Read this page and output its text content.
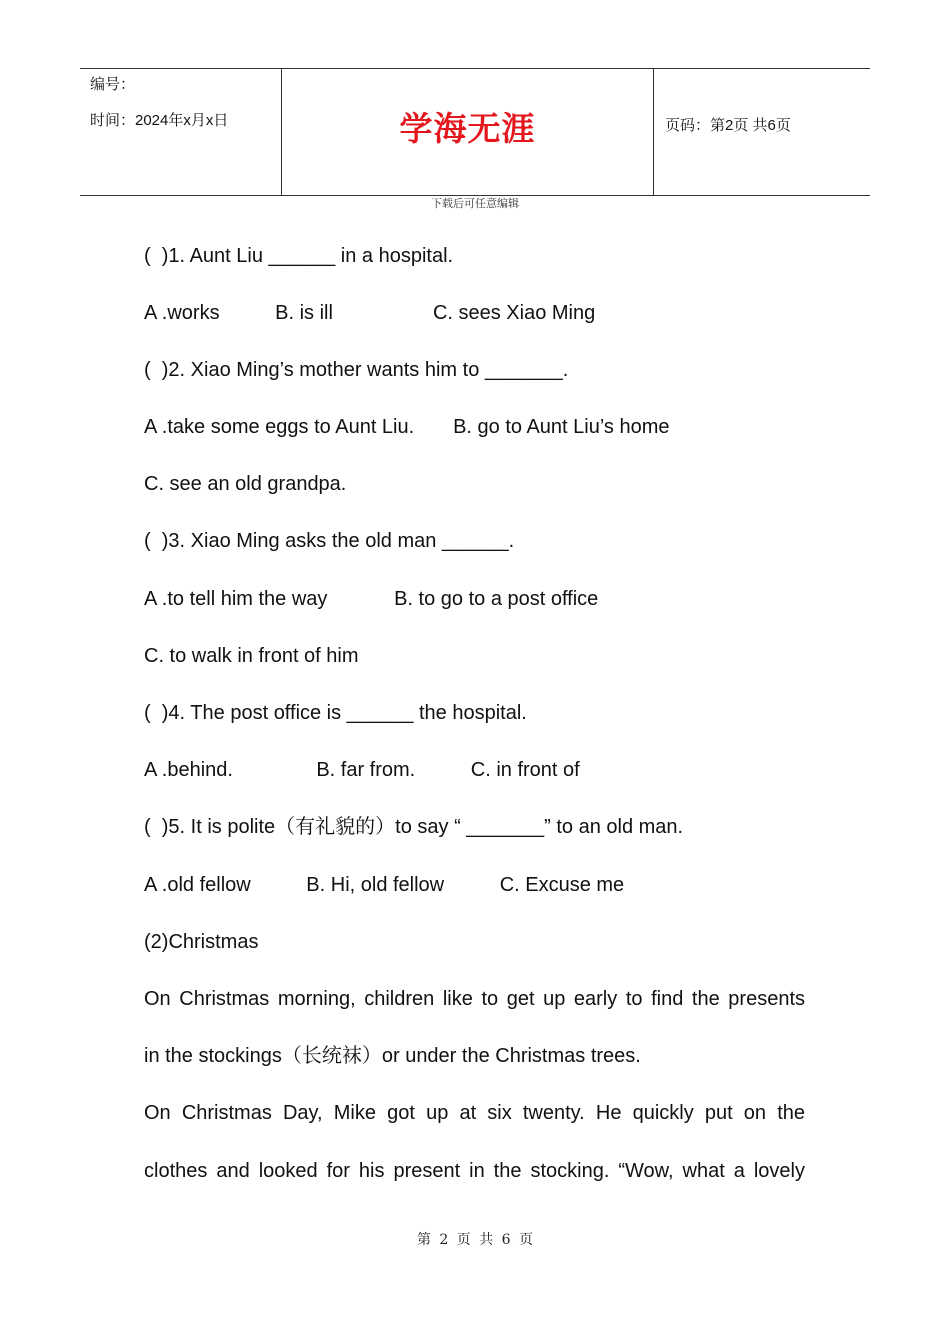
编号：
时间：2024年x月x日	学海无涯	页码：第2页 共6页
下载后可任意编辑
(  )1. Aunt Liu ______ in a hospital.
A .works          B. is ill                  C. sees Xiao Ming
(  )2. Xiao Ming’s mother wants him to _______.
A .take some eggs to Aunt Liu.       B. go to Aunt Liu’s home
C. see an old grandpa.
(  )3. Xiao Ming asks the old man ______.
A .to tell him the way            B. to go to a post office
C. to walk in front of him
(  )4. The post office is ______ the hospital.
A .behind.               B. far from.          C. in front of
(  )5. It is polite（有礼貌的）to say “ _______” to an old man.
A .old fellow          B. Hi, old fellow          C. Excuse me
(2)Christmas
On Christmas morning, children like to get up early to find the presents
in the stockings（长统袜）or under the Christmas trees.
On Christmas Day, Mike got up at six twenty. He quickly put on the
clothes and looked for his present in the stocking. “Wow, what a lovely
第 2 页 共 6 页
